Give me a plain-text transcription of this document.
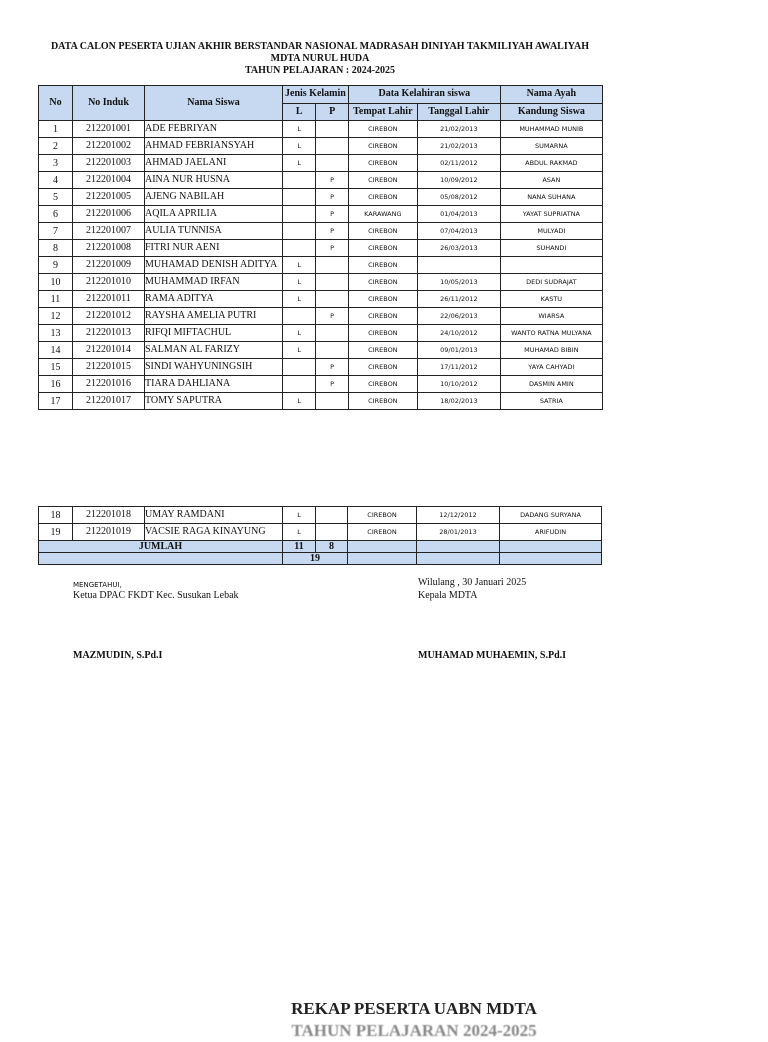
DATA CALON PESERTA UJIAN AKHIR BERSTANDAR NASIONAL MADRASAH DINIYAH TAKMILIYAH AWALIYAH
MDTA NURUL HUDA
TAHUN PELAJARAN : 2024-2025
No	No Induk	Nama Siswa	Jenis Kelamin		Data Kelahiran siswa		Nama Ayah
			L	P	Tempat Lahir	Tanggal Lahir	Kandung Siswa
1	212201001	ADE FEBRIYAN	L		CIREBON	21/02/2013	MUHAMMAD MUNIB
2	212201002	AHMAD FEBRIANSYAH	L		CIREBON	21/02/2013	SUMARNA
3	212201003	AHMAD JAELANI	L		CIREBON	02/11/2012	ABDUL RAKMAD
4	212201004	AINA NUR HUSNA		P	CIREBON	10/09/2012	ASAN
5	212201005	AJENG NABILAH		P	CIREBON	05/08/2012	NANA SUHANA
6	212201006	AQILA APRILIA		P	KARAWANG	01/04/2013	YAYAT SUPRIATNA
7	212201007	AULIA TUNNISA		P	CIREBON	07/04/2013	MULYADI
8	212201008	FITRI NUR AENI		P	CIREBON	26/03/2013	SUHANDI
9	212201009	MUHAMAD DENISH ADITYA	L		CIREBON		
10	212201010	MUHAMMAD IRFAN	L		CIREBON	10/05/2013	DEDI SUDRAJAT
11	212201011	RAMA ADITYA	L		CIREBON	26/11/2012	KASTU
12	212201012	RAYSHA AMELIA PUTRI		P	CIREBON	22/06/2013	WIARSA
13	212201013	RIFQI MIFTACHUL	L		CIREBON	24/10/2012	WANTO RATNA MULYANA
14	212201014	SALMAN AL FARIZY	L		CIREBON	09/01/2013	MUHAMAD BIBIN
15	212201015	SINDI WAHYUNINGSIH		P	CIREBON	17/11/2012	YAYA CAHYADI
16	212201016	TIARA DAHLIANA		P	CIREBON	10/10/2012	DASMIN AMIN
17	212201017	TOMY SAPUTRA	L		CIREBON	18/02/2013	SATRIA
18	212201018	UMAY RAMDANI	L		CIREBON	12/12/2012	DADANG SURYANA
19	212201019	VACSIE RAGA KINAYUNG	L		CIREBON	28/01/2013	ARIFUDIN
JUMLAH			11	8			
			19				
MENGETAHUI,
Ketua DPAC FKDT Kec. Susukan Lebak
MAZMUDIN, S.Pd.I
Wilulang , 30 Januari 2025
Kepala MDTA
MUHAMAD MUHAEMIN, S.Pd.I
REKAP PESERTA UABN MDTA
TAHUN PELAJARAN 2024-2025
